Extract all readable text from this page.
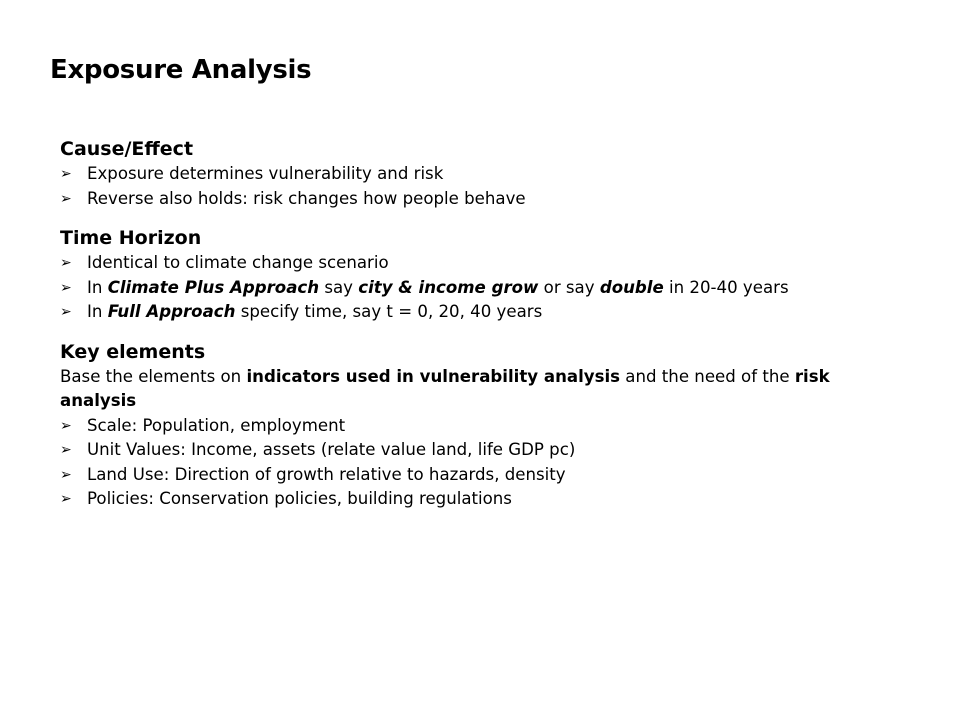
Exposure Analysis
Cause/Effect
➢ Exposure determines vulnerability and risk
➢ Reverse also holds: risk changes how people behave
Time Horizon
➢ Identical to climate change scenario
➢ In Climate Plus Approach say city & income grow or say double in 20-40 years
➢ In Full Approach specify time, say t = 0, 20, 40 years
Key elements

Base the elements on indicators used in vulnerability analysis and the need of the risk analysis

➢ Scale: Population, employment
➢ Unit Values: Income, assets (relate value land, life GDP pc)
➢ Land Use: Direction of growth relative to hazards, density
➢ Policies: Conservation policies, building regulations
